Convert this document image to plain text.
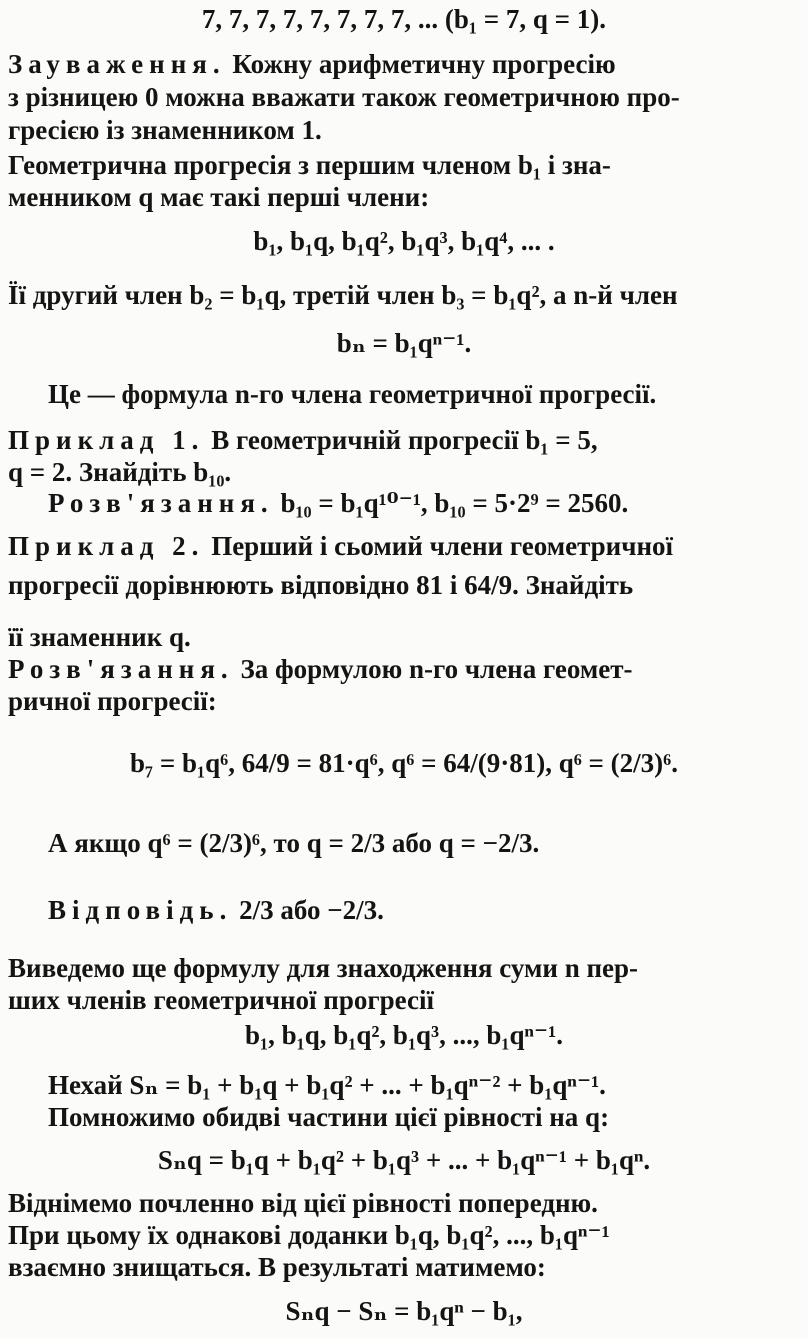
7, 7, 7, 7, 7, 7, 7, 7, ... (b₁ = 7, q = 1).
Зауваження. Кожну арифметичну прогресію
з різницею 0 можна вважати також геометричною про-
гресією із знаменником 1.
Геометрична прогресія з першим членом b₁ і зна-
менником q має такі перші члени:
b₁, b₁q, b₁q², b₁q³, b₁q⁴, ... .
Її другий член b₂ = b₁q, третій член b₃ = b₁q², а n-й член
bₙ = b₁qⁿ⁻¹.
Це — формула n-го члена геометричної прогресії.
Приклад 1. В геометричній прогресії b₁ = 5,
q = 2. Знайдіть b₁₀.
Розв'язання. b₁₀ = b₁q¹⁰⁻¹, b₁₀ = 5·2⁹ = 2560.
Приклад 2. Перший і сьомий члени геометричної
прогресії дорівнюють відповідно 81 і 64/9. Знайдіть
її знаменник q.
Розв'язання. За формулою n-го члена геомет-
ричної прогресії:
b₇ = b₁q⁶, 64/9 = 81·q⁶, q⁶ = 64/(9·81), q⁶ = (2/3)⁶.
А якщо q⁶ = (2/3)⁶, то q = 2/3 або q = −2/3.
Відповідь. 2/3 або −2/3.
Виведемо ще формулу для знаходження суми n пер-
ших членів геометричної прогресії
b₁, b₁q, b₁q², b₁q³, ..., b₁qⁿ⁻¹.
Нехай Sₙ = b₁ + b₁q + b₁q² + ... + b₁qⁿ⁻² + b₁qⁿ⁻¹.
Помножимо обидві частини цієї рівності на q:
Sₙq = b₁q + b₁q² + b₁q³ + ... + b₁qⁿ⁻¹ + b₁qⁿ.
Віднімемо почленно від цієї рівності попередню.
При цьому їх однакові доданки b₁q, b₁q², ..., b₁qⁿ⁻¹
взаємно знищаться. В результаті матимемо:
Sₙq − Sₙ = b₁qⁿ − b₁,
